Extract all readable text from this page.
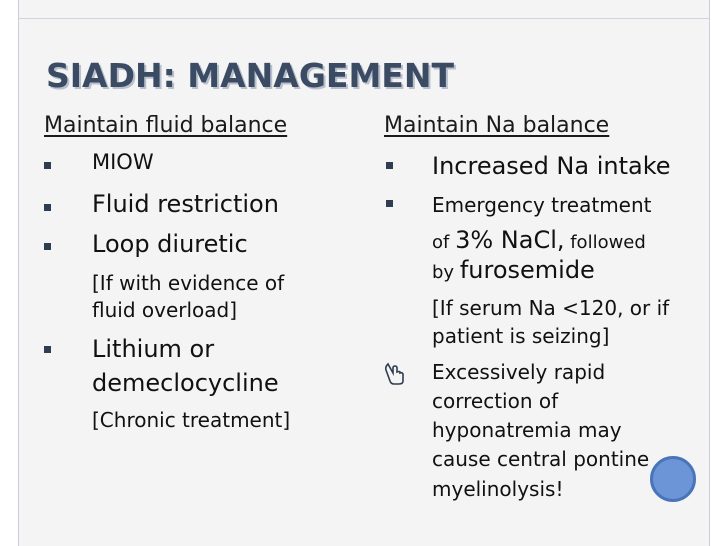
SIADH: MANAGEMENT
Maintain fluid balance
MIOW
Fluid restriction
Loop diuretic
[If with evidence of
fluid overload]
Lithium or
demeclocycline
[Chronic treatment]
Maintain Na balance
Increased Na intake
Emergency treatment
of 3% NaCl, followed
by furosemide
[If serum Na <120, or if
patient is seizing]
Excessively rapid
correction of
hyponatremia may
cause central pontine
myelinolysis!
